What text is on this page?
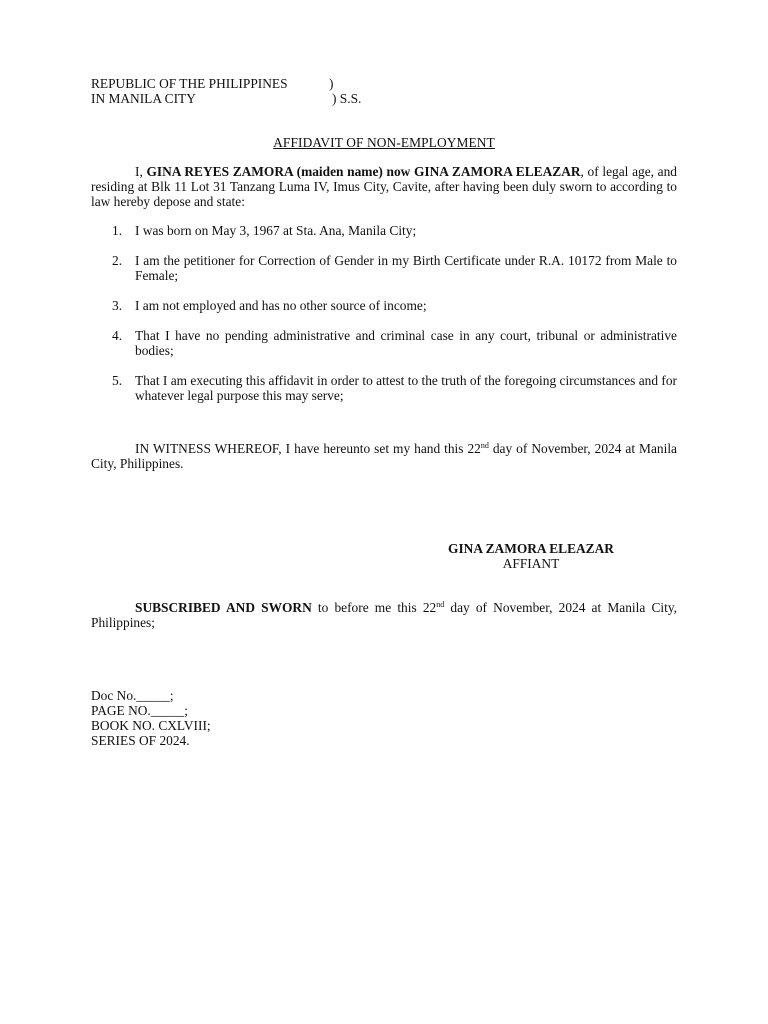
REPUBLIC OF THE PHILIPPINES	)
IN MANILA CITY	) S.S.
AFFIDAVIT OF NON-EMPLOYMENT

I, GINA REYES ZAMORA (maiden name) now GINA ZAMORA ELEAZAR, of legal age, and residing at Blk 11 Lot 31 Tanzang Luma IV, Imus City, Cavite, after having been duly sworn to according to law hereby depose and state:

1. I was born on May 3, 1967 at Sta. Ana, Manila City;
2. I am the petitioner for Correction of Gender in my Birth Certificate under R.A. 10172 from Male to Female;
3. I am not employed and has no other source of income;
4. That I have no pending administrative and criminal case in any court, tribunal or administrative bodies;
5. That I am executing this affidavit in order to attest to the truth of the foregoing circumstances and for whatever legal purpose this may serve;

IN WITNESS WHEREOF, I have hereunto set my hand this 22nd day of November, 2024 at Manila City, Philippines.

GINA ZAMORA ELEAZAR
AFFIANT

SUBSCRIBED AND SWORN to before me this 22nd day of November, 2024 at Manila City, Philippines;

Doc No._____;
PAGE NO._____;
BOOK NO. CXLVIII;
SERIES OF 2024.
